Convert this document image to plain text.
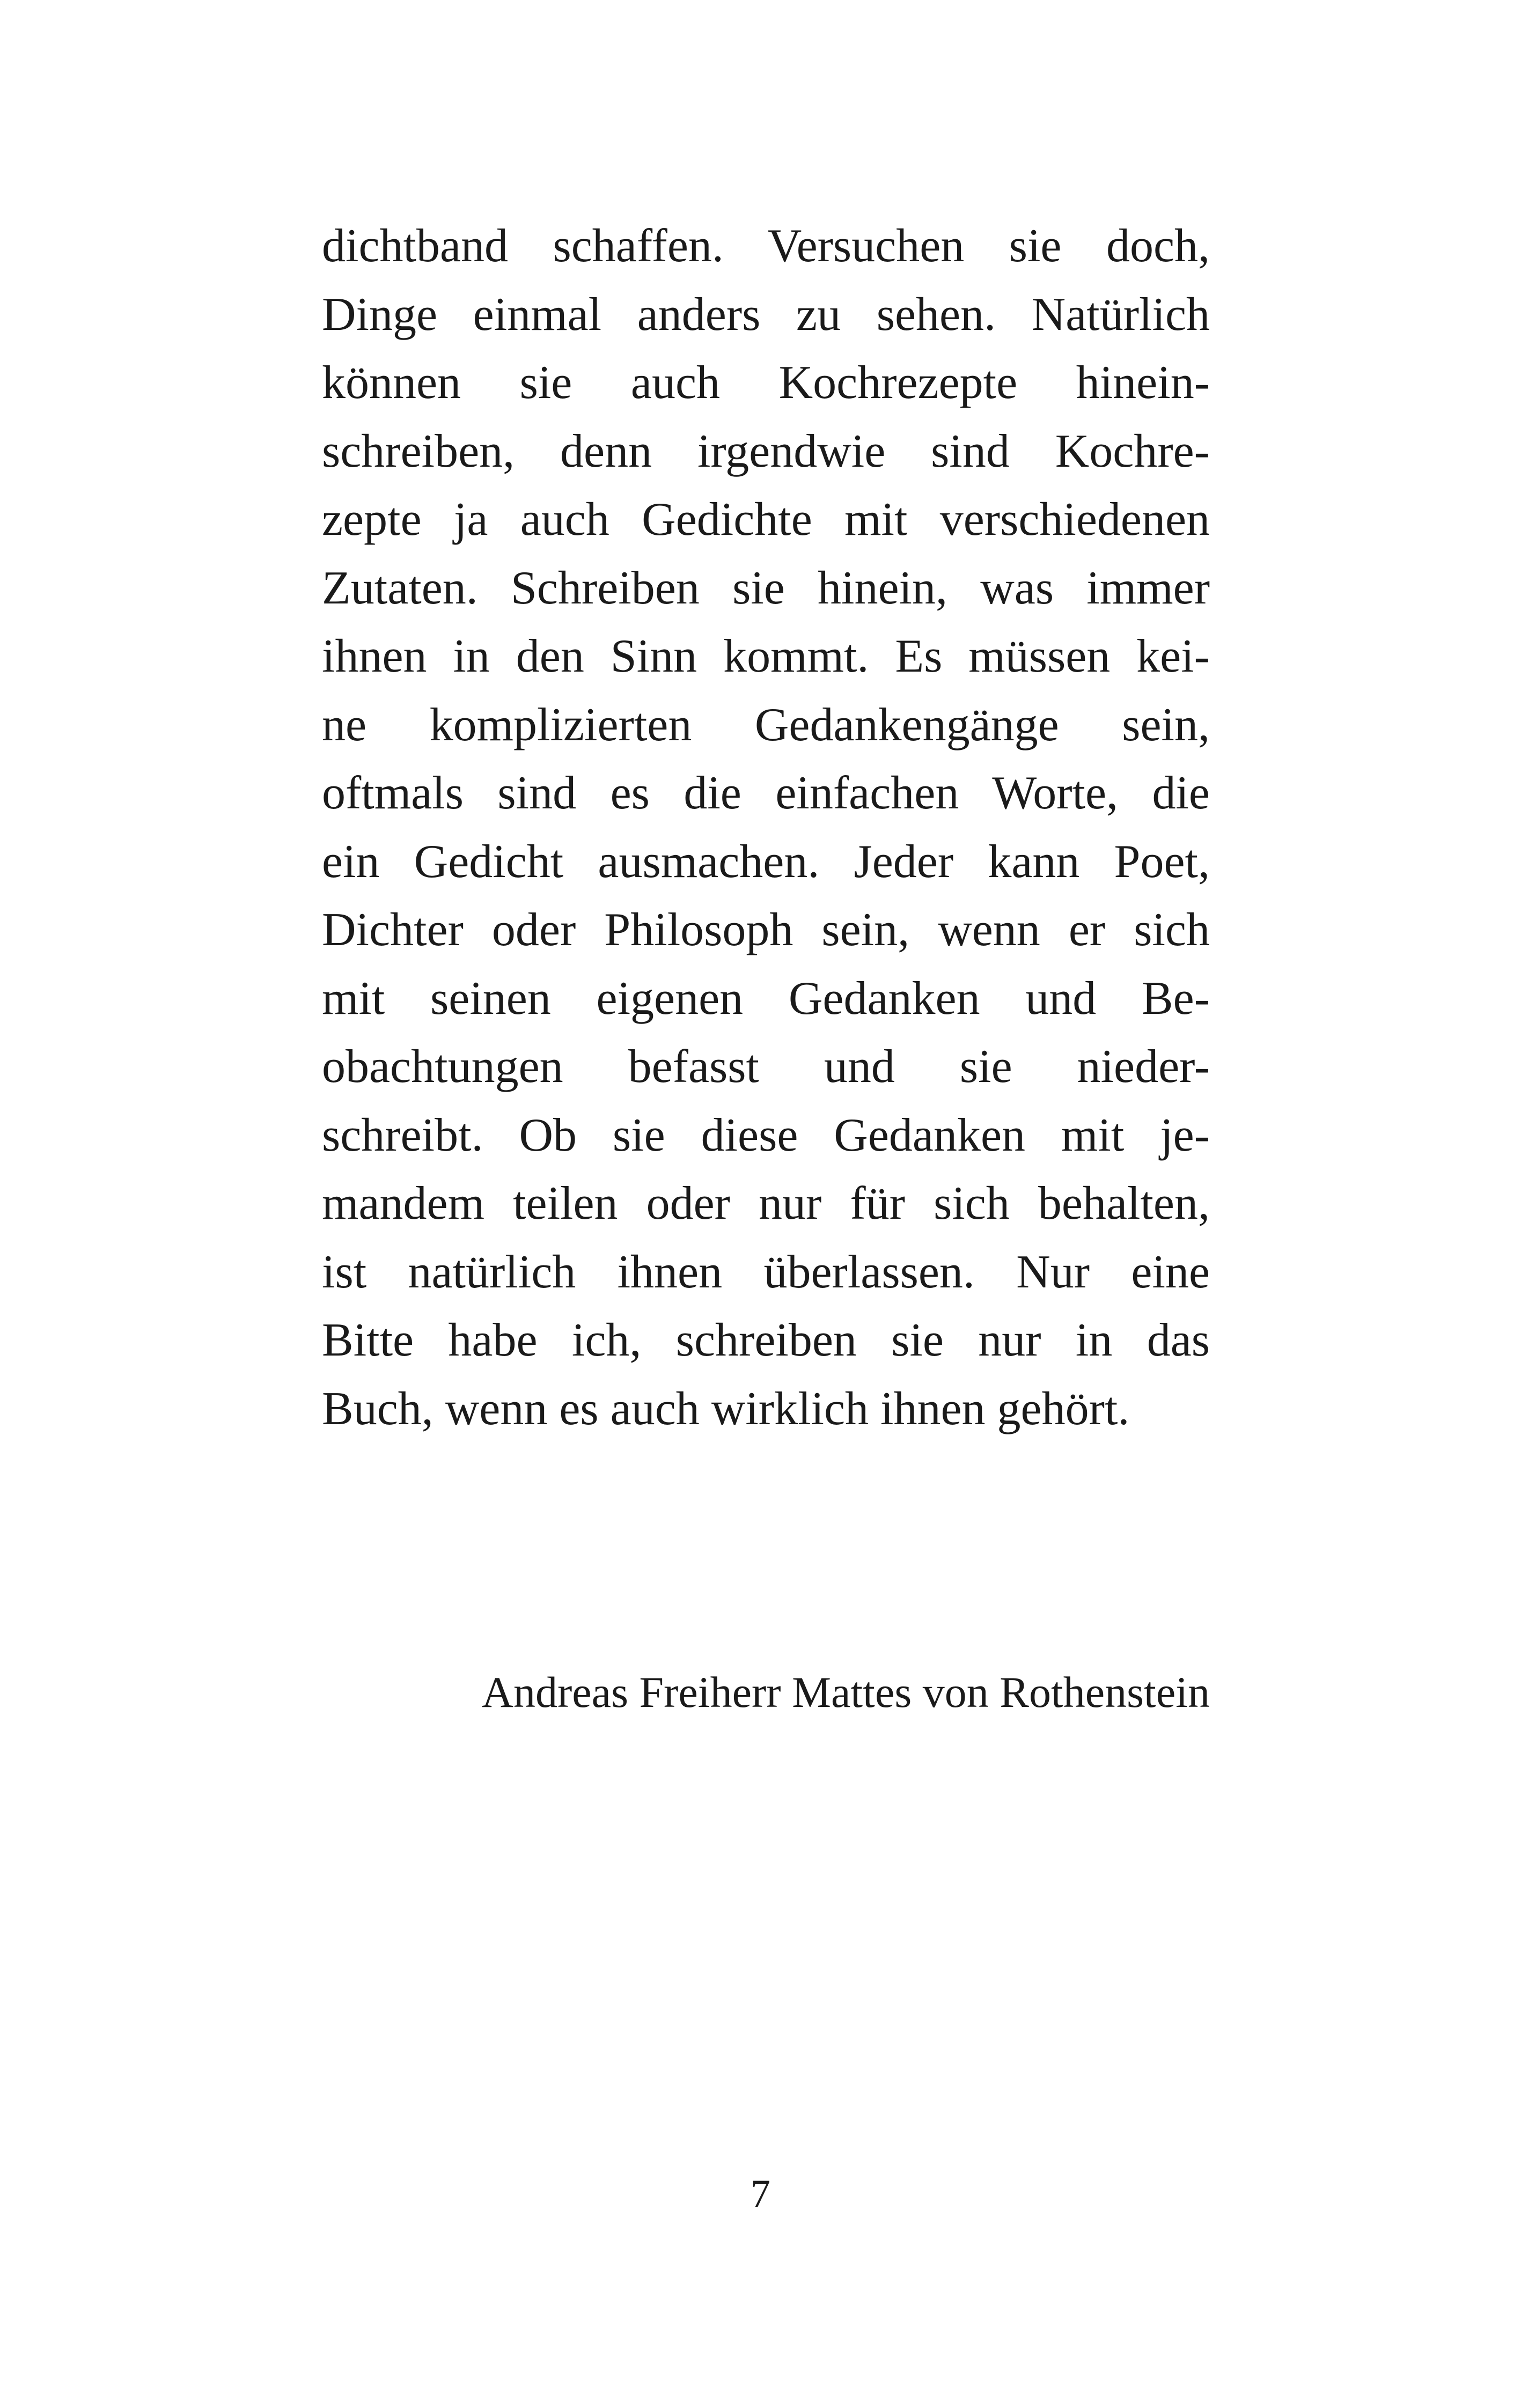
dichtband schaffen. Versuchen sie doch,
Dinge einmal anders zu sehen. Natürlich
können sie auch Kochrezepte hinein-
schreiben, denn irgendwie sind Kochre-
zepte ja auch Gedichte mit verschiedenen
Zutaten. Schreiben sie hinein, was immer
ihnen in den Sinn kommt. Es müssen kei-
ne komplizierten Gedankengänge sein,
oftmals sind es die einfachen Worte, die
ein Gedicht ausmachen. Jeder kann Poet,
Dichter oder Philosoph sein, wenn er sich
mit seinen eigenen Gedanken und Be-
obachtungen befasst und sie nieder-
schreibt. Ob sie diese Gedanken mit je-
mandem teilen oder nur für sich behalten,
ist natürlich ihnen überlassen. Nur eine
Bitte habe ich, schreiben sie nur in das
Buch, wenn es auch wirklich ihnen gehört.
Andreas Freiherr Mattes von Rothenstein
7
